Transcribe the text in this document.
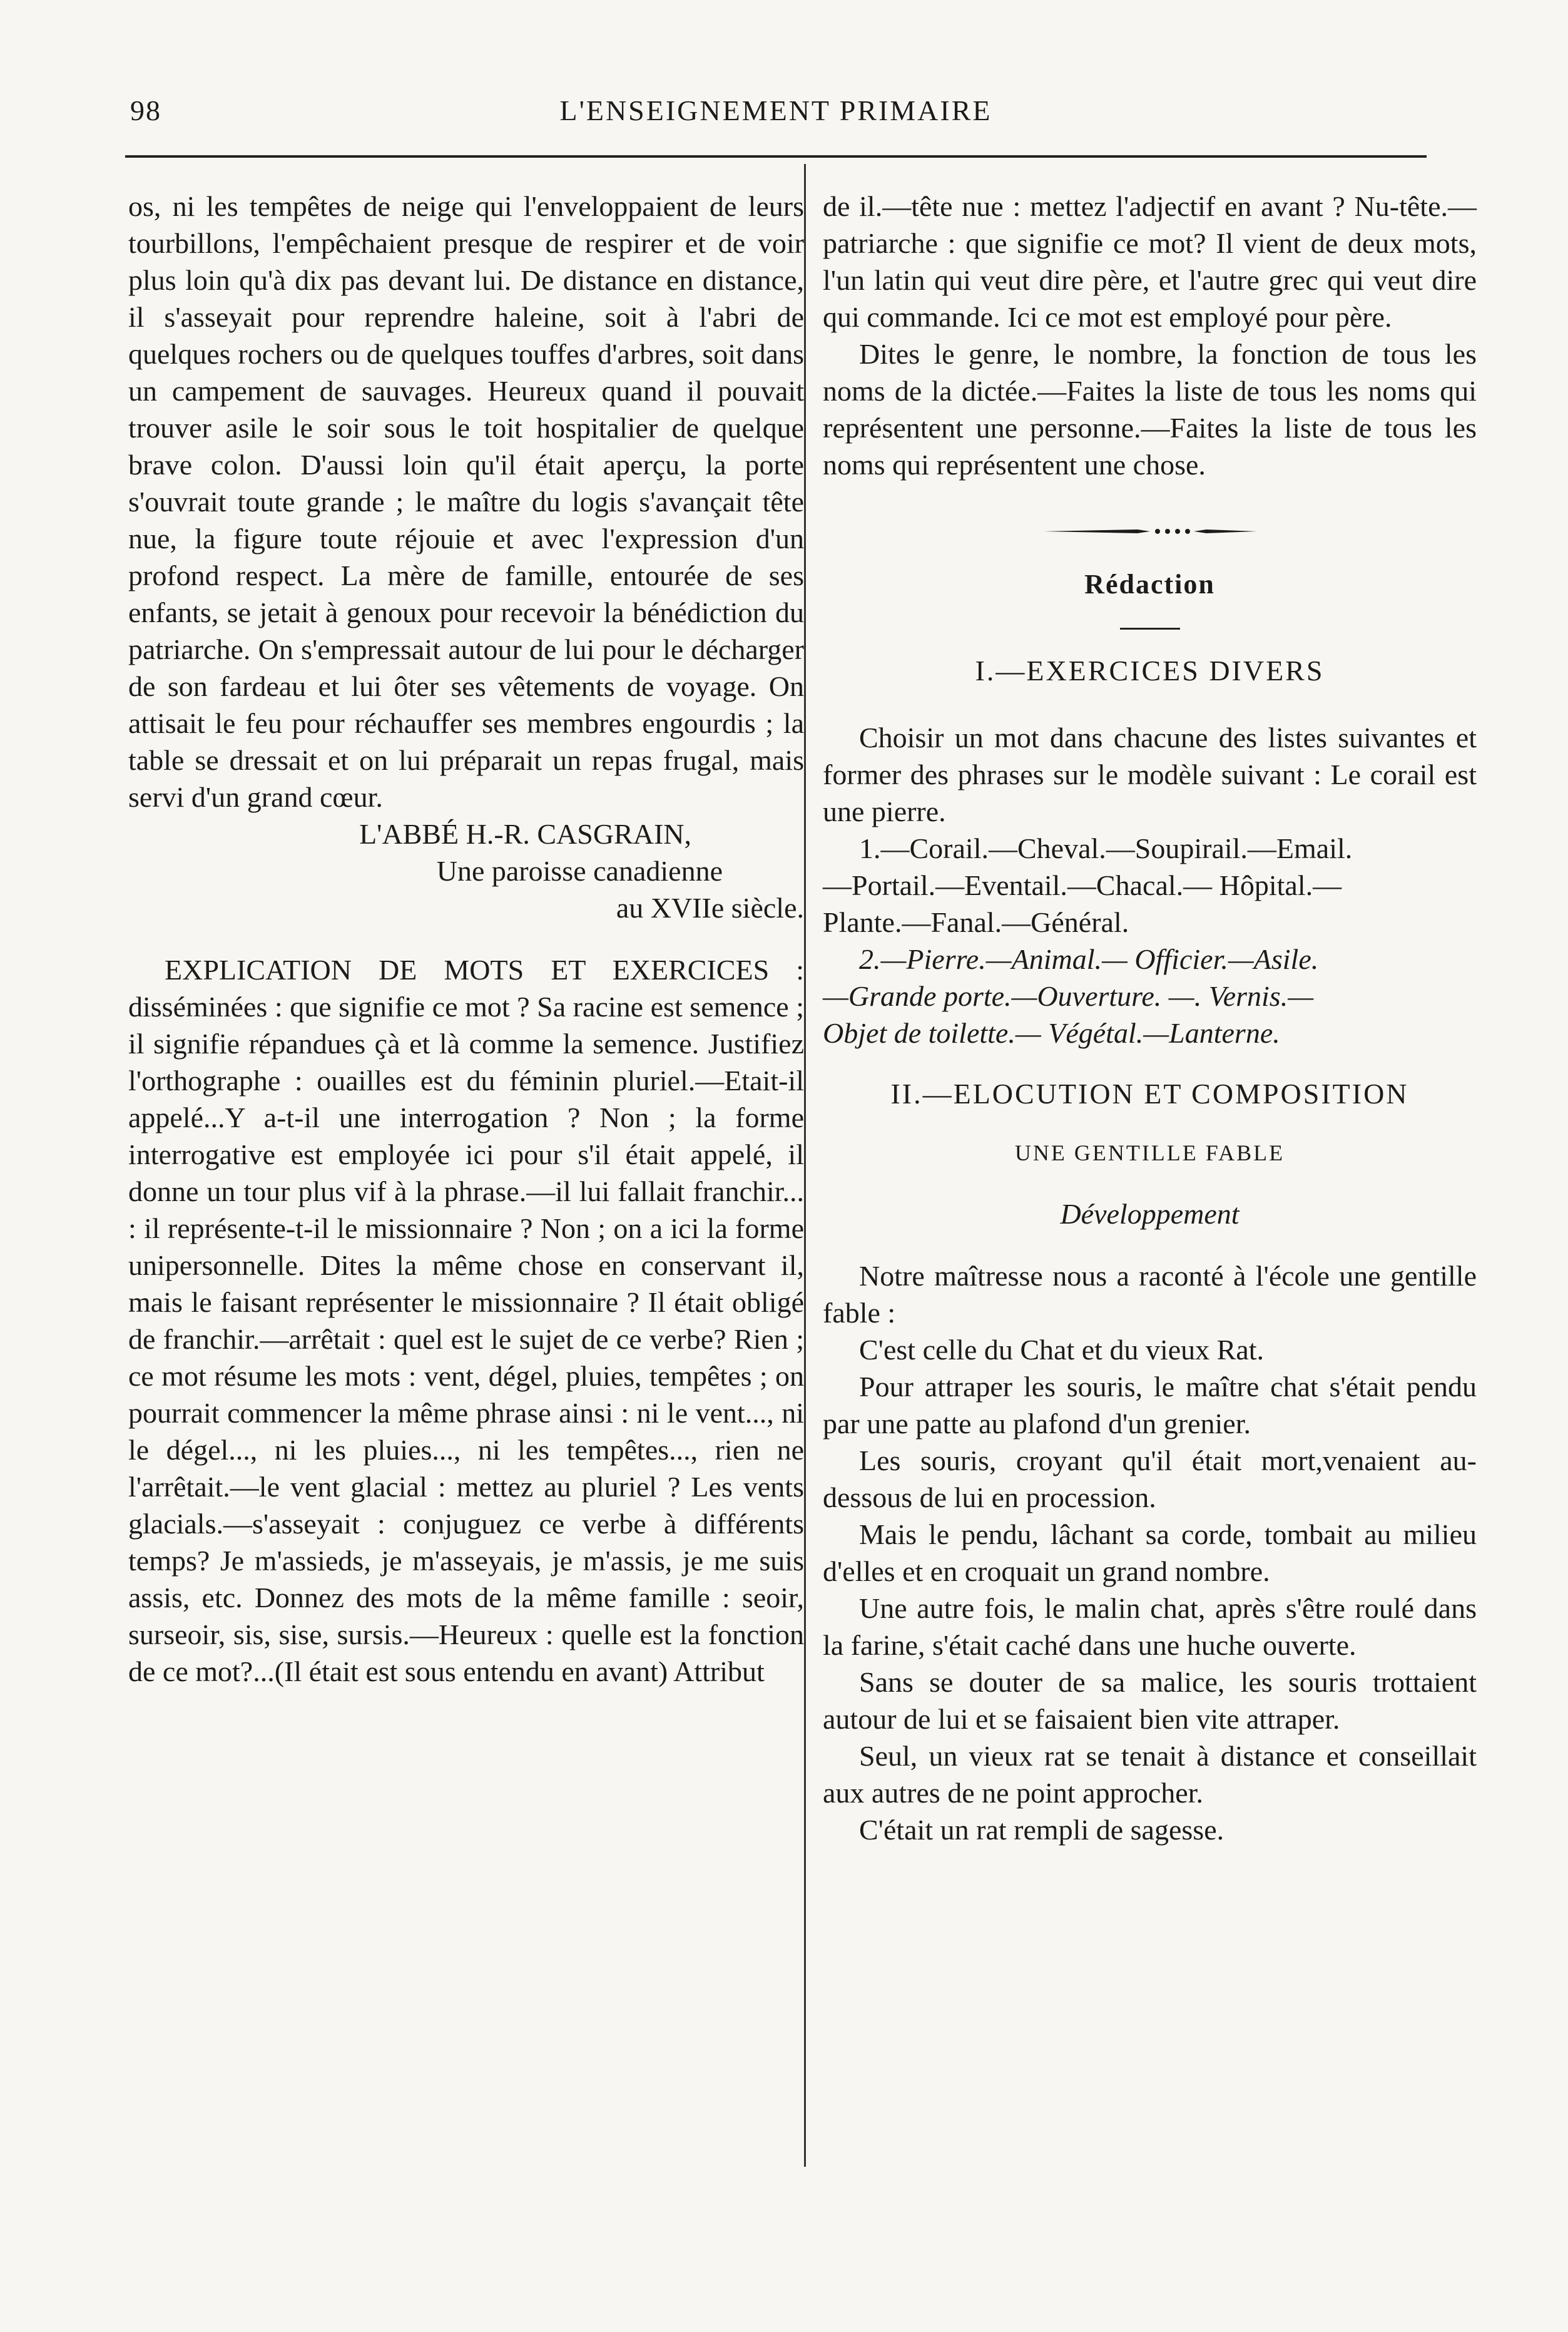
98	L'ENSEIGNEMENT PRIMAIRE

os, ni les tempêtes de neige qui l'enveloppaient de leurs tourbillons, l'empêchaient presque de respirer et de voir plus loin qu'à dix pas devant lui. De distance en distance, il s'asseyait pour reprendre haleine, soit à l'abri de quelques rochers ou de quelques touffes d'arbres, soit dans un campement de sauvages. Heureux quand il pouvait trouver asile le soir sous le toit hospitalier de quelque brave colon. D'aussi loin qu'il était aperçu, la porte s'ouvrait toute grande ; le maître du logis s'avançait tête nue, la figure toute réjouie et avec l'expression d'un profond respect. La mère de famille, entourée de ses enfants, se jetait à genoux pour recevoir la bénédiction du patriarche. On s'empressait autour de lui pour le décharger de son fardeau et lui ôter ses vêtements de voyage. On attisait le feu pour réchauffer ses membres engourdis ; la table se dressait et on lui préparait un repas frugal, mais servi d'un grand cœur.

L'ABBÉ H.-R. CASGRAIN,
Une paroisse canadienne
au XVIIe siècle.

EXPLICATION DE MOTS ET EXERCICES : disséminées : que signifie ce mot ? Sa racine est semence ; il signifie répandues çà et là comme la semence. Justifiez l'orthographe : ouailles est du féminin pluriel.—Etait-il appelé...Y a-t-il une interrogation ? Non ; la forme interrogative est employée ici pour s'il était appelé, il donne un tour plus vif à la phrase.—il lui fallait franchir... : il représente-t-il le missionnaire ? Non ; on a ici la forme unipersonnelle. Dites la même chose en conservant il, mais le faisant représenter le missionnaire ? Il était obligé de franchir.—arrêtait : quel est le sujet de ce verbe? Rien ; ce mot résume les mots : vent, dégel, pluies, tempêtes ; on pourrait commencer la même phrase ainsi : ni le vent..., ni le dégel..., ni les pluies..., ni les tempêtes..., rien ne l'arrêtait.—le vent glacial : mettez au pluriel ? Les vents glacials.—s'asseyait : conjuguez ce verbe à différents temps? Je m'assieds, je m'asseyais, je m'assis, je me suis assis, etc. Donnez des mots de la même famille : seoir, surseoir, sis, sise, sursis.—Heureux : quelle est la fonction de ce mot?...(Il était est sous entendu en avant) Attribut

de il.—tête nue : mettez l'adjectif en avant ? Nu-tête.—patriarche : que signifie ce mot? Il vient de deux mots, l'un latin qui veut dire père, et l'autre grec qui veut dire qui commande. Ici ce mot est employé pour père.

Dites le genre, le nombre, la fonction de tous les noms de la dictée.—Faites la liste de tous les noms qui représentent une personne.—Faites la liste de tous les noms qui représentent une chose.

Rédaction

I.—EXERCICES DIVERS

Choisir un mot dans chacune des listes suivantes et former des phrases sur le modèle suivant : Le corail est une pierre.

1.—Corail.—Cheval.—Soupirail.—Email.

—Portail.—Eventail.—Chacal.— Hôpital.—

Plante.—Fanal.—Général.

2.—Pierre.—Animal.— Officier.—Asile.

—Grande porte.—Ouverture. —. Vernis.—

Objet de toilette.— Végétal.—Lanterne.

II.—ELOCUTION ET COMPOSITION

UNE GENTILLE FABLE

Développement

Notre maîtresse nous a raconté à l'école une gentille fable :

C'est celle du Chat et du vieux Rat.

Pour attraper les souris, le maître chat s'était pendu par une patte au plafond d'un grenier.

Les souris, croyant qu'il était mort,venaient au-dessous de lui en procession.

Mais le pendu, lâchant sa corde, tombait au milieu d'elles et en croquait un grand nombre.

Une autre fois, le malin chat, après s'être roulé dans la farine, s'était caché dans une huche ouverte.

Sans se douter de sa malice, les souris trottaient autour de lui et se faisaient bien vite attraper.

Seul, un vieux rat se tenait à distance et conseillait aux autres de ne point approcher.

C'était un rat rempli de sagesse.
